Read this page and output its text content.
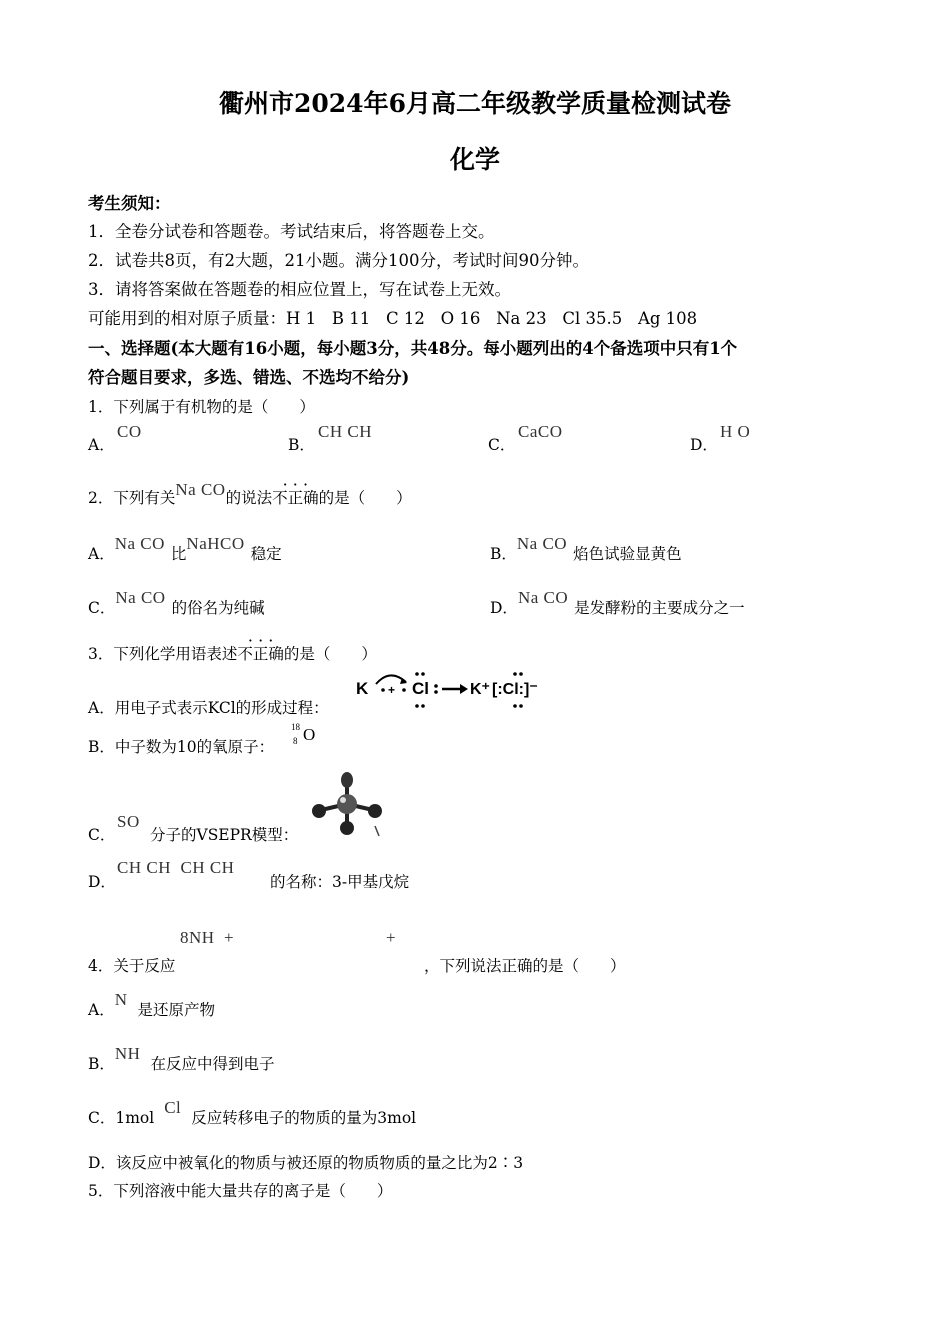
衢州市2024年6月高二年级教学质量检测试卷
化学
考生须知：
1．全卷分试卷和答题卷。考试结束后，将答题卷上交。
2．试卷共8页，有2大题，21小题。满分100分，考试时间90分钟。
3．请将答案做在答题卷的相应位置上，写在试卷上无效。
可能用到的相对原子质量：H 1   B 11   C 12   O 16   Na 23   Cl 35.5   Ag 108
一、选择题(本大题有16小题，每小题3分，共48分。每小题列出的4个备选项中只有1个
符合题目要求，多选、错选、不选均不给分)
1．下列属于有机物的是（　　）
A．
CO
B．
CH CH
C．
CaCO
D．
H O
2．下列有关Na CO的说法不正确 · · ·的是（　　）
A．Na CO比NaHCO稳定	B．Na CO焰色试验显黄色
C．Na CO的俗名为纯碱	D．Na CO是发酵粉的主要成分之一
3．下列化学用语表述不正确 · · ·的是（　　）
A．用电子式表示KCl的形成过程：
K + Cl	K⁺ [:Cl:]⁻
B．中子数为10的氧原子：
18
8 O
C．
SO
分子的VSEPR模型：
D．
CH CH  CH CH
的名称：3-甲基戊烷
8NH  +	+
4．关于反应	，下列说法正确的是（　　）
A．N是还原产物
B．NH在反应中得到电子
C．1molCl反应转移电子的物质的量为3mol
D．该反应中被氧化的物质与被还原的物质物质的量之比为2∶3
5．下列溶液中能大量共存的离子是（　　）
